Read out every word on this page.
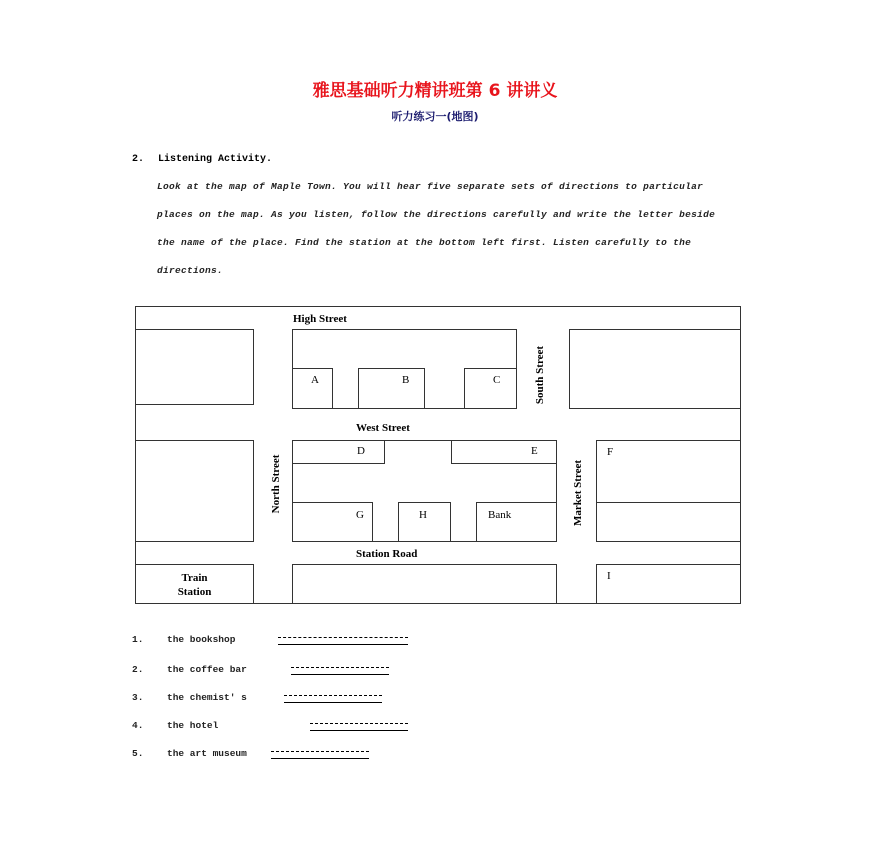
雅思基础听力精讲班第 6 讲讲义
听力练习一(地图)
2. Listening Activity.
Look at the map of Maple Town. You will hear five separate sets of directions to particular
places on the map. As you listen, follow the directions carefully and write the letter beside
the name of the place. Find the station at the bottom left first. Listen carefully to the
directions.
A	B	C
D	E
G	H	Bank
F
Train
Station
I
High Street
West Street
Station Road
South Street
North Street	Market Street
1. the bookshop
2. the coffee bar
3. the chemist' s
4. the hotel
5. the art museum
